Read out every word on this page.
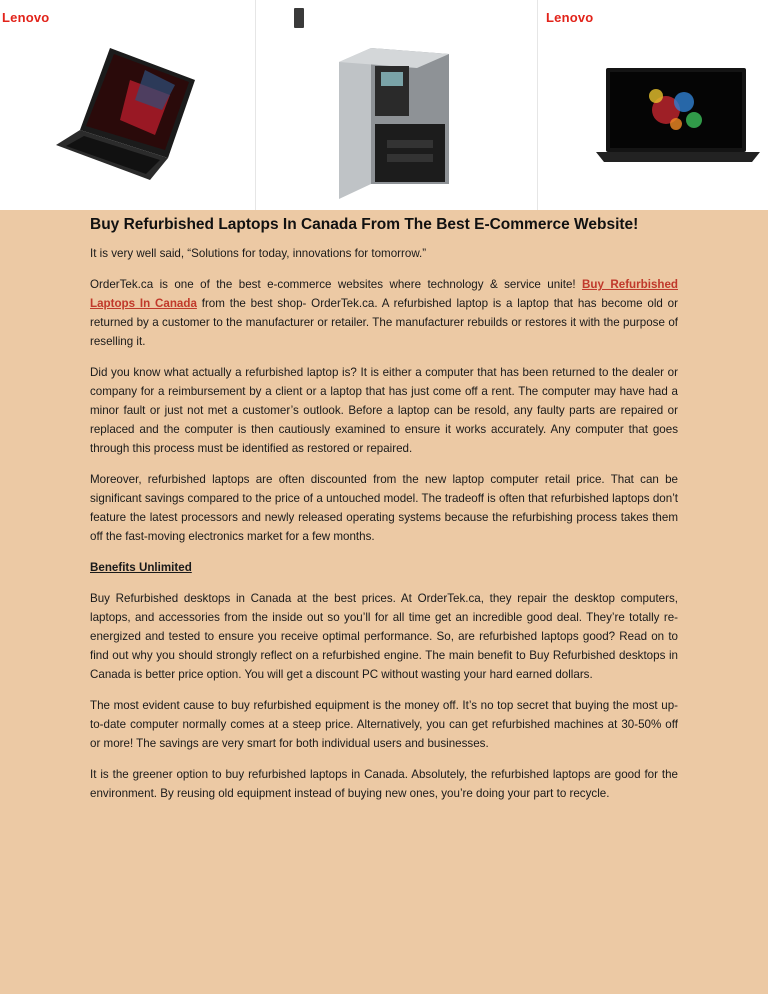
Lenovo	Lenovo
Buy Refurbished Laptops In Canada From The Best E-Commerce Website!

It is very well said, “Solutions for today, innovations for tomorrow.”

OrderTek.ca is one of the best e-commerce websites where technology & service unite! Buy Refurbished Laptops In Canada from the best shop- OrderTek.ca. A refurbished laptop is a laptop that has become old or returned by a customer to the manufacturer or retailer. The manufacturer rebuilds or restores it with the purpose of reselling it.

Did you know what actually a refurbished laptop is? It is either a computer that has been returned to the dealer or company for a reimbursement by a client or a laptop that has just come off a rent. The computer may have had a minor fault or just not met a customer’s outlook. Before a laptop can be resold, any faulty parts are repaired or replaced and the computer is then cautiously examined to ensure it works accurately. Any computer that goes through this process must be identified as restored or repaired.

Moreover, refurbished laptops are often discounted from the new laptop computer retail price. That can be significant savings compared to the price of a untouched model. The tradeoff is often that refurbished laptops don’t feature the latest processors and newly released operating systems because the refurbishing process takes them off the fast-moving electronics market for a few months.

Benefits Unlimited

Buy Refurbished desktops in Canada at the best prices. At OrderTek.ca, they repair the desktop computers, laptops, and accessories from the inside out so you’ll for all time get an incredible good deal. They’re totally re-energized and tested to ensure you receive optimal performance. So, are refurbished laptops good? Read on to find out why you should strongly reflect on a refurbished engine. The main benefit to Buy Refurbished desktops in Canada is better price option. You will get a discount PC without wasting your hard earned dollars.

The most evident cause to buy refurbished equipment is the money off. It’s no top secret that buying the most up-to-date computer normally comes at a steep price. Alternatively, you can get refurbished machines at 30-50% off or more! The savings are very smart for both individual users and businesses.

It is the greener option to buy refurbished laptops in Canada. Absolutely, the refurbished laptops are good for the environment. By reusing old equipment instead of buying new ones, you’re doing your part to recycle.
